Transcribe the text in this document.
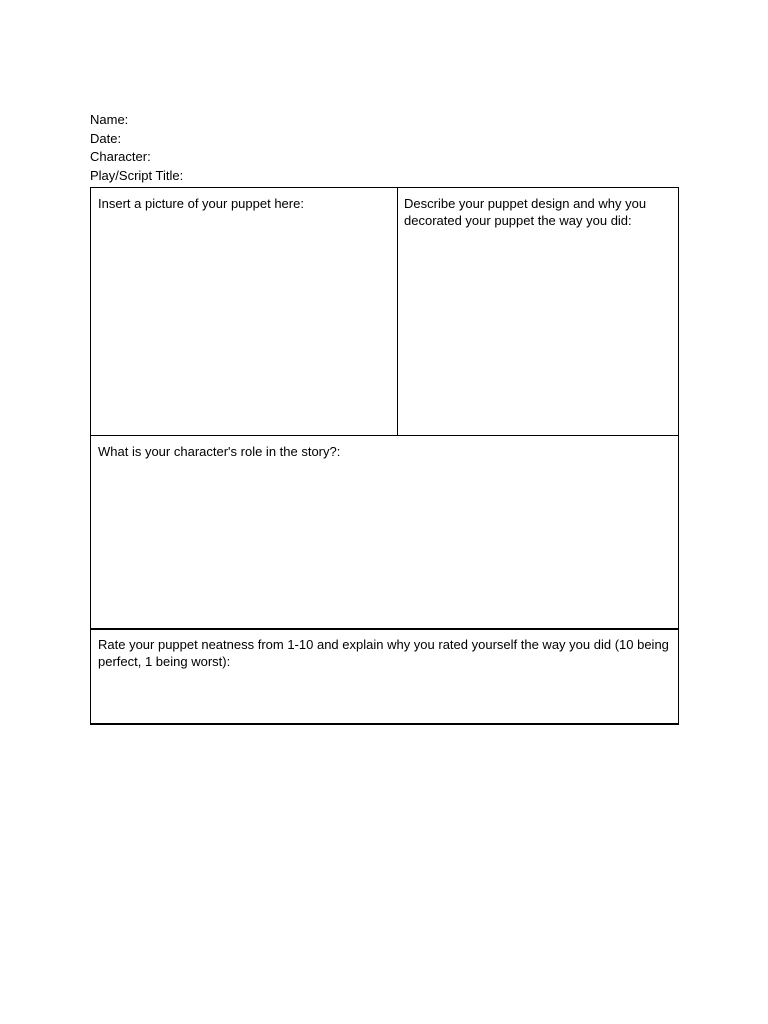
Name:
Date:
Character:
Play/Script Title:
Insert a picture of your puppet here:	Describe your puppet design and why you decorated your puppet the way you did:
What is your character's role in the story?:
Rate your puppet neatness from 1-10 and explain why you rated yourself the way you did (10 being perfect, 1 being worst):
